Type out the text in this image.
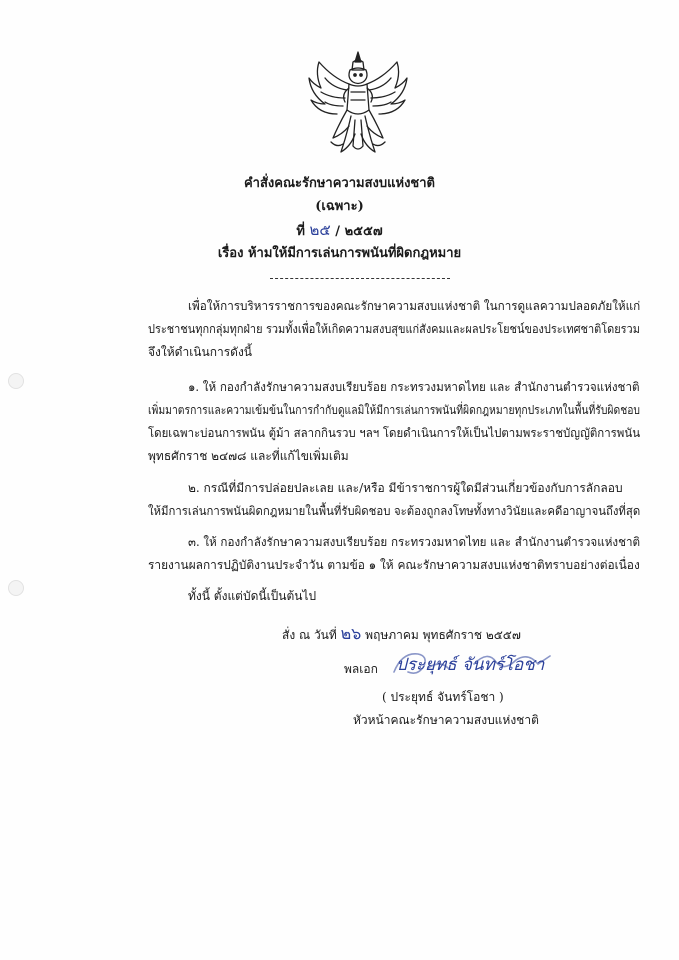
คำสั่งคณะรักษาความสงบแห่งชาติ
(เฉพาะ)
ที่ ๒๕ / ๒๕๕๗
เรื่อง ห้ามให้มีการเล่นการพนันที่ผิดกฎหมาย
เพื่อให้การบริหารราชการของคณะรักษาความสงบแห่งชาติ ในการดูแลความปลอดภัยให้แก่
ประชาชนทุกกลุ่มทุกฝ่าย รวมทั้งเพื่อให้เกิดความสงบสุขแก่สังคมและผลประโยชน์ของประเทศชาติโดยรวม
จึงให้ดำเนินการดังนี้
๑. ให้ กองกำลังรักษาความสงบเรียบร้อย กระทรวงมหาดไทย และ สำนักงานตำรวจแห่งชาติ
เพิ่มมาตรการและความเข้มข้นในการกำกับดูแลมิให้มีการเล่นการพนันที่ผิดกฎหมายทุกประเภทในพื้นที่รับผิดชอบ
โดยเฉพาะบ่อนการพนัน ตู้ม้า สลากกินรวบ ฯลฯ โดยดำเนินการให้เป็นไปตามพระราชบัญญัติการพนัน
พุทธศักราช ๒๔๗๘ และที่แก้ไขเพิ่มเติม
๒. กรณีที่มีการปล่อยปละเลย และ/หรือ มีข้าราชการผู้ใดมีส่วนเกี่ยวข้องกับการลักลอบ
ให้มีการเล่นการพนันผิดกฎหมายในพื้นที่รับผิดชอบ จะต้องถูกลงโทษทั้งทางวินัยและคดีอาญาจนถึงที่สุด
๓. ให้ กองกำลังรักษาความสงบเรียบร้อย กระทรวงมหาดไทย และ สำนักงานตำรวจแห่งชาติ
รายงานผลการปฏิบัติงานประจำวัน ตามข้อ ๑ ให้ คณะรักษาความสงบแห่งชาติทราบอย่างต่อเนื่อง
ทั้งนี้ ตั้งแต่บัดนี้เป็นต้นไป
สั่ง ณ วันที่ ๒๖ พฤษภาคม พุทธศักราช ๒๕๕๗
พลเอก ประยุทธ์ จันทร์โอชา
( ประยุทธ์ จันทร์โอชา )
หัวหน้าคณะรักษาความสงบแห่งชาติ
